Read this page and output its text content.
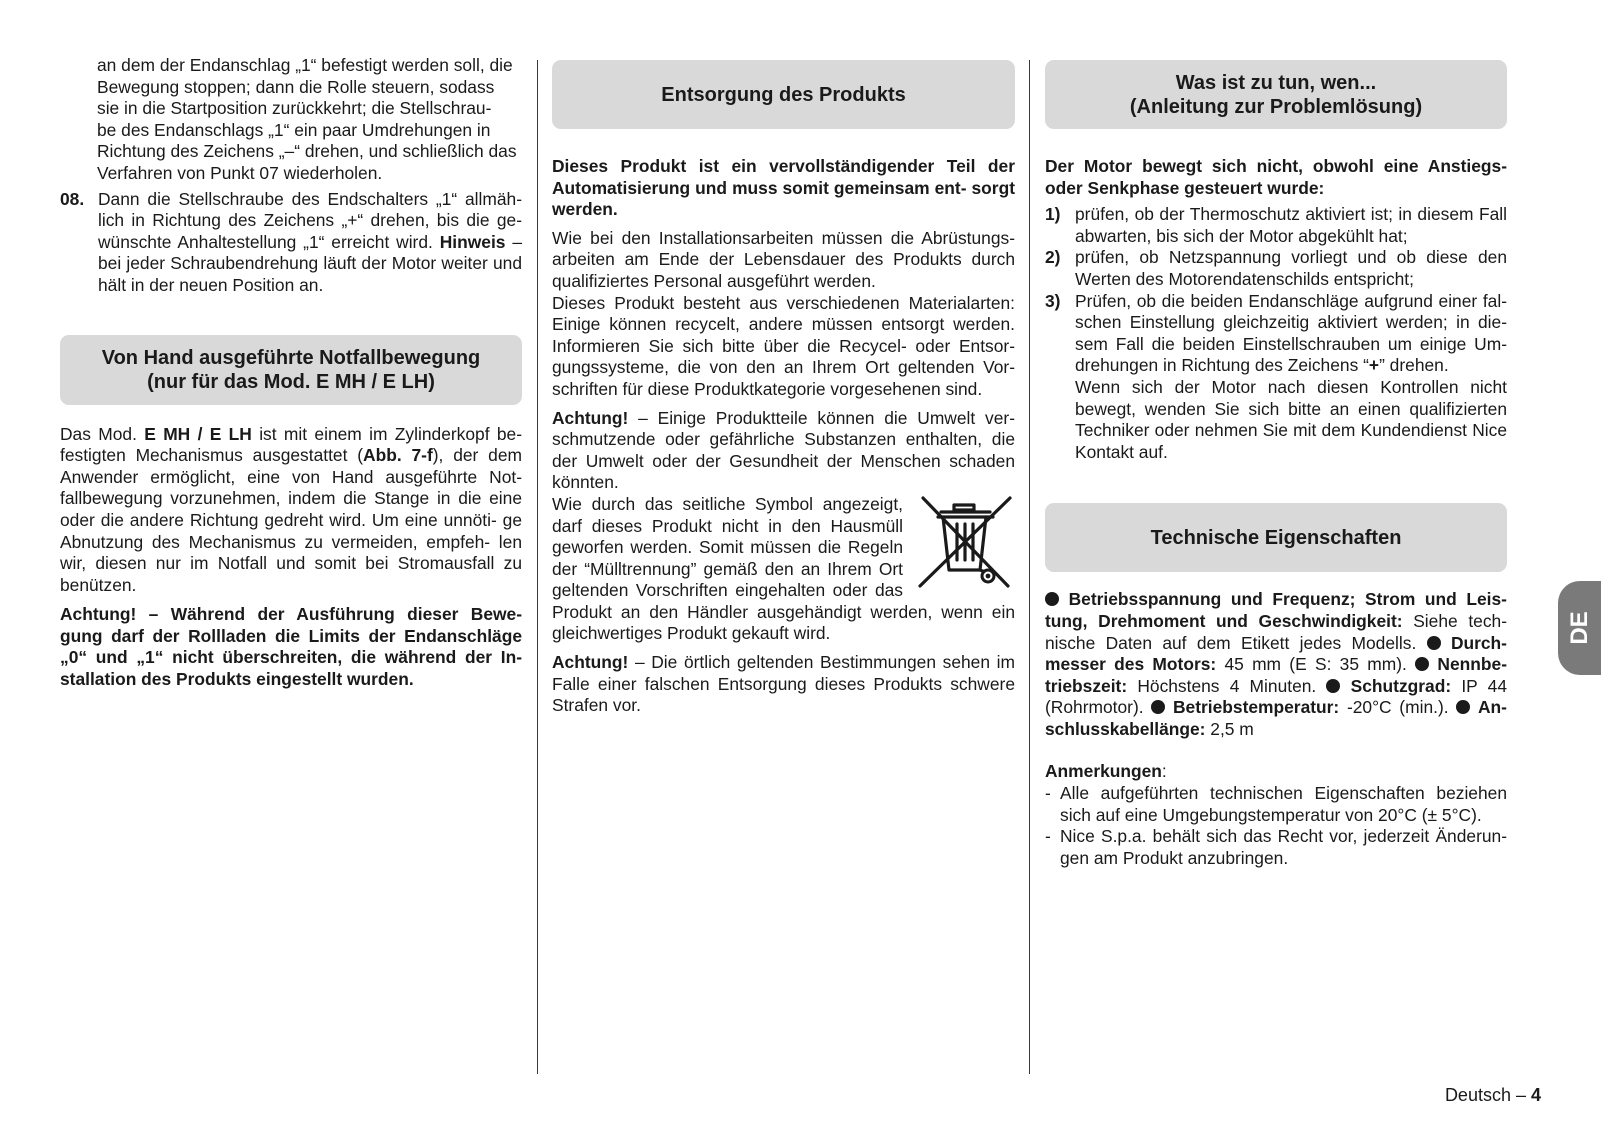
an dem der Endanschlag „1“ befestigt werden soll, die
Bewegung stoppen; dann die Rolle steuern, sodass
sie in die Startposition zurückkehrt; die Stellschrau-
be des Endanschlags „1“ ein paar Umdrehungen in
Richtung des Zeichens „–“ drehen, und schließlich das
Verfahren von Punkt 07 wiederholen.
08. Dann die Stellschraube des Endschalters „1“ allmäh- lich in Richtung des Zeichens „+“ drehen, bis die ge- wünschte Anhaltestellung „1“ erreicht wird. Hinweis – bei jeder Schraubendrehung läuft der Motor weiter und hält in der neuen Position an.

Von Hand ausgeführte Notfallbewegung
(nur für das Mod. E MH / E LH)

Das Mod. E MH / E LH ist mit einem im Zylinderkopf be- festigten Mechanismus ausgestattet (Abb. 7-f), der dem Anwender ermöglicht, eine von Hand ausgeführte Not- fallbewegung vorzunehmen, indem die Stange in die eine oder die andere Richtung gedreht wird. Um eine unnöti- ge Abnutzung des Mechanismus zu vermeiden, empfeh- len wir, diesen nur im Notfall und somit bei Stromausfall zu benützen.

Achtung! – Während der Ausführung dieser Bewe- gung darf der Rollladen die Limits der Endanschläge „0“ und „1“ nicht überschreiten, die während der In- stallation des Produkts eingestellt wurden.

Entsorgung des Produkts

Dieses Produkt ist ein vervollständigender Teil der Automatisierung und muss somit gemeinsam ent- sorgt werden.

Wie bei den Installationsarbeiten müssen die Abrüstungs- arbeiten am Ende der Lebensdauer des Produkts durch qualifiziertes Personal ausgeführt werden.

Dieses Produkt besteht aus verschiedenen Materialarten: Einige können recycelt, andere müssen entsorgt werden. Informieren Sie sich bitte über die Recycel- oder Entsor- gungssysteme, die von den an Ihrem Ort geltenden Vor- schriften für diese Produktkategorie vorgesehenen sind.

Achtung! – Einige Produktteile können die Umwelt ver- schmutzende oder gefährliche Substanzen enthalten, die der Umwelt oder der Gesundheit der Menschen schaden könnten.

Wie durch das seitliche Symbol angezeigt, darf dieses Produkt nicht in den Hausmüll geworfen werden. Somit müssen die Regeln der “Mülltrennung” gemäß den an Ihrem Ort geltenden Vorschriften eingehalten oder das Produkt an den Händler ausgehändigt werden, wenn ein gleichwertiges Produkt gekauft wird.

Achtung! – Die örtlich geltenden Bestimmungen sehen im Falle einer falschen Entsorgung dieses Produkts schwere Strafen vor.

Was ist zu tun, wen...
(Anleitung zur Problemlösung)

Der Motor bewegt sich nicht, obwohl eine Anstiegs- oder Senkphase gesteuert wurde:

1) prüfen, ob der Thermoschutz aktiviert ist; in diesem Fall abwarten, bis sich der Motor abgekühlt hat;

2) prüfen, ob Netzspannung vorliegt und ob diese den Werten des Motorendatenschilds entspricht;

3) Prüfen, ob die beiden Endanschläge aufgrund einer fal- schen Einstellung gleichzeitig aktiviert werden; in die- sem Fall die beiden Einstellschrauben um einige Um- drehungen in Richtung des Zeichens “+” drehen.

Wenn sich der Motor nach diesen Kontrollen nicht bewegt, wenden Sie sich bitte an einen qualifizierten Techniker oder nehmen Sie mit dem Kundendienst Nice Kontakt auf.

Technische Eigenschaften

Betriebsspannung und Frequenz; Strom und Leis- tung, Drehmoment und Geschwindigkeit: Siehe tech- nische Daten auf dem Etikett jedes Modells.  Durch- messer des Motors: 45 mm (E S: 35 mm).  Nennbe- triebszeit: Höchstens 4 Minuten.  Schutzgrad: IP 44 (Rohrmotor).  Betriebstemperatur: -20°C (min.).  An- schlusskabellänge: 2,5 m

Anmerkungen:

- Alle aufgeführten technischen Eigenschaften beziehen sich auf eine Umgebungstemperatur von 20°C (± 5°C).

- Nice S.p.a. behält sich das Recht vor, jederzeit Änderun- gen am Produkt anzubringen.

DE
Deutsch – 4
